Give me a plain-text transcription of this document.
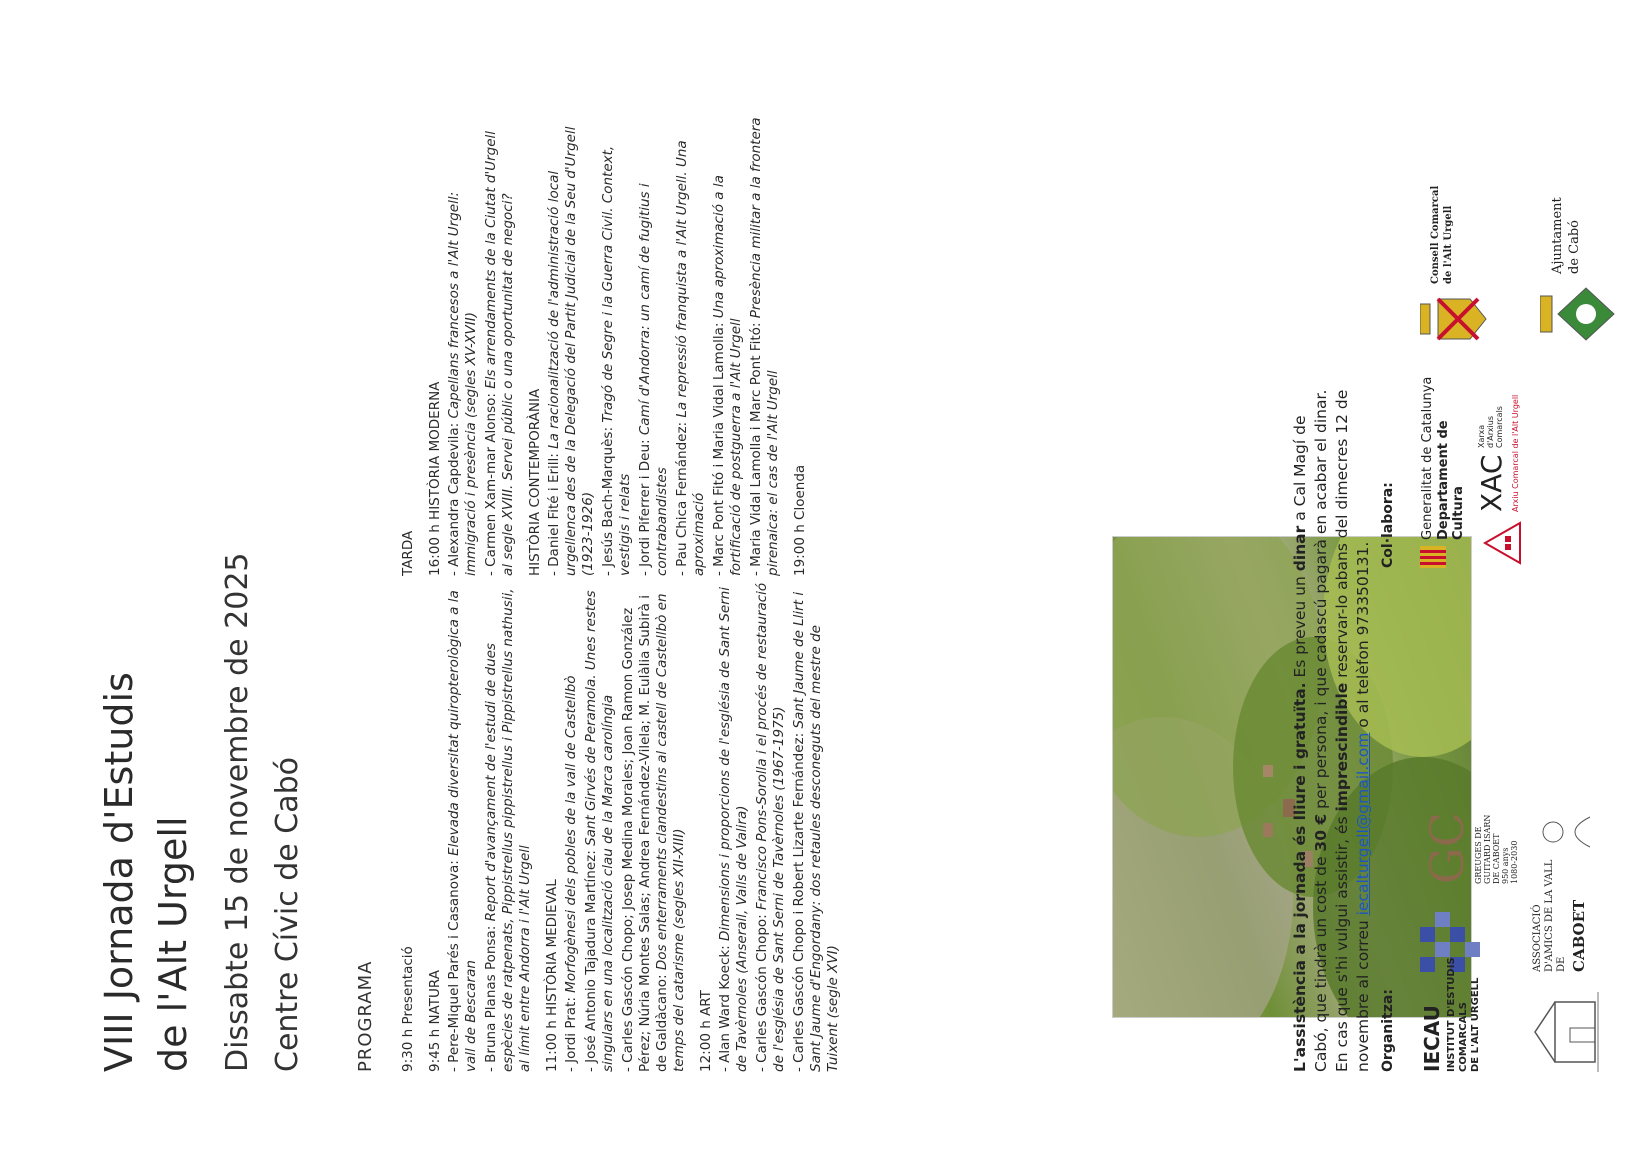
VIII Jornada d'Estudis de l'Alt Urgell Dissabte 15 de novembre de 2025 Centre Cívic de Cabó	PROGRAMA 9:30 h Presentació 9:45 h NATURA - Pere-Miquel Parés i Casanova: Elevada diversitat quiropterològica a la vall de Bescaran - Bruna Planas Ponsa: Report d'avançament de l'estudi de dues espècies de ratpenats, Pippistrellus pippistrellus i Pippistrellus nathusii, al límit entre Andorra i l'Alt Urgell 11:00 h HISTÒRIA MEDIEVAL - Jordi Prat: Morfogènesi dels pobles de la vall de Castellbò - José Antonio Tajadura Martínez: Sant Girvés de Peramola. Unes restes singulars en una localització clau de la Marca carolíngia - Carles Gascón Chopo; Josep Medina Morales; Joan Ramon González Pérez; Núria Montes Salas; Andrea Fernández-Vilela; M. Eulàlia Subirà i de Galdàcano: Dos enterraments clandestins al castell de Castellbò en temps del catarisme (segles XII-XIII) 12:00 h ART - Alan Ward Koeck: Dimensions i proporcions de l'església de Sant Serni de Tavèrnoles (Anserall, Valls de Valira) - Carles Gascón Chopo: Francisco Pons-Sorolla i el procés de restauració de l'església de Sant Serni de Tavèrnoles (1967-1975) - Carles Gascón Chopo i Robert Lizarte Fernández: Sant Jaume de Llirt i Sant Jaume d'Engordany: dos retaules desconeguts del mestre de Tuixent (segle XVI)
TARDA 16:00 h HISTÒRIA MODERNA - Alexandra Capdevila: Capellans francesos a l'Alt Urgell: immigració i presència (segles XV-XVII) - Carmen Xam-mar Alonso: Els arrendaments de la Ciutat d'Urgell al segle XVIII. Servei públic o una oportunitat de negoci? HISTÒRIA CONTEMPORÀNIA - Daniel Fité i Erill: La racionalització de l'administració local urgellenca des de la Delegació del Partit Judicial de la Seu d'Urgell (1923-1926) - Jesús Bach-Marquès: Tragó de Segre i la Guerra Civil. Context, vestigis i relats - Jordi Piferrer i Deu: Camí d'Andorra: un camí de fugitius i contrabandistes - Pau Chica Fernández: La repressió franquista a l'Alt Urgell. Una aproximació - Marc Pont Fitó i Maria Vidal Lamolla: Una aproximació a la fortificació de postguerra a l'Alt Urgell - Maria Vidal Lamolla i Marc Pont Fitó: Presència militar a la frontera pirenaica: el cas de l'Alt Urgell 19:00 h Cloenda
L'assistència a la jornada és lliure i gratuïta. Es preveu un dinar a Cal Magí de Cabó, que tindrà un cost de 30 € per persona, i que cadascú pagarà en acabar el dinar. En cas que s'hi vulgui assistir, és imprescindible reservar-lo abans del dimecres 12 de novembre al correu iecalturgell@gmail.com o al telèfon 973350131.
Organitza: IECAU INSTITUT D'ESTUDIS COMARCALS DE L'ALT URGELL
GC GREUGES DE GUITARD ISARN DE CABOET 950 anys 1080-2030
ASSOCIACIÓ D'AMICS DE LA VALL DE CABOET
Col·labora: Generalitat de Catalunya Departament de Cultura
XAC
Xarxa d'Arxius Comarcals Arxiu Comarcal de l'Alt Urgell
Consell Comarcal de l'Alt Urgell	Ajuntament de Cabó
